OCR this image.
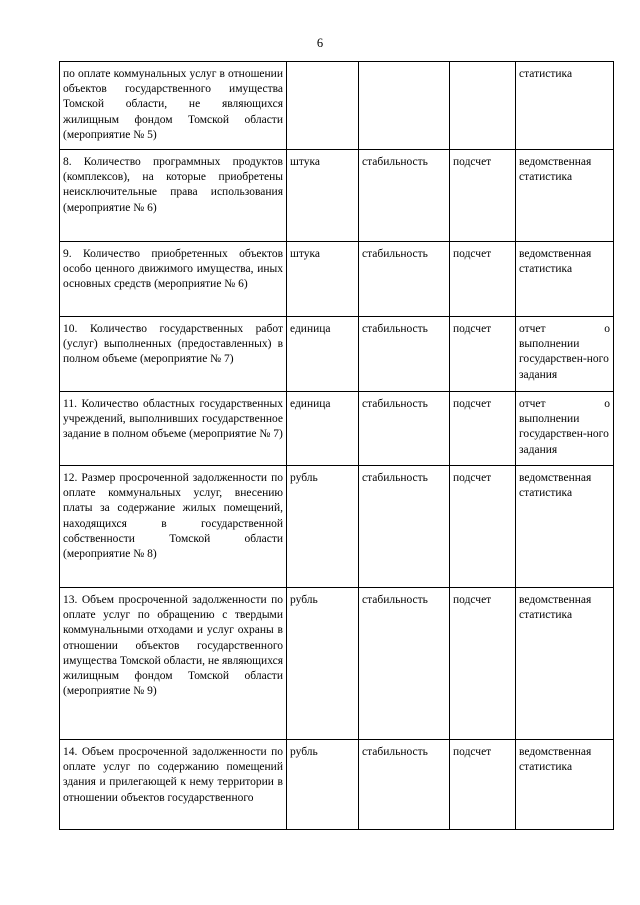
6
по оплате коммунальных услуг в отношении объектов государственного имущества Томской области, не являющихся жилищным фондом Томской области (мероприятие № 5)				статистика
8. Количество программных продуктов (комплексов), на которые приобретены неисключительные права использования (мероприятие № 6)	штука	стабильность	подсчет	ведомственная статистика
9. Количество приобретенных объектов особо ценного движимого имущества, иных основных средств (мероприятие № 6)	штука	стабильность	подсчет	ведомственная статистика
10. Количество государственных работ (услуг) выполненных (предоставленных) в полном объеме (мероприятие № 7)	единица	стабильность	подсчет	отчет о выполнении государствен-ного задания
11. Количество областных государственных учреждений, выполнивших государственное задание в полном объеме (мероприятие № 7)	единица	стабильность	подсчет	отчет о выполнении государствен-ного задания
12. Размер просроченной задолженности по оплате коммунальных услуг, внесению платы за содержание жилых помещений, находящихся в государственной собственности Томской области (мероприятие № 8)	рубль	стабильность	подсчет	ведомственная статистика
13. Объем просроченной задолженности по оплате услуг по обращению с твердыми коммунальными отходами и услуг охраны в отношении объектов государственного имущества Томской области, не являющихся жилищным фондом Томской области (мероприятие № 9)	рубль	стабильность	подсчет	ведомственная статистика
14. Объем просроченной задолженности по оплате услуг по содержанию помещений здания и прилегающей к нему территории в отношении объектов государственного	рубль	стабильность	подсчет	ведомственная статистика
